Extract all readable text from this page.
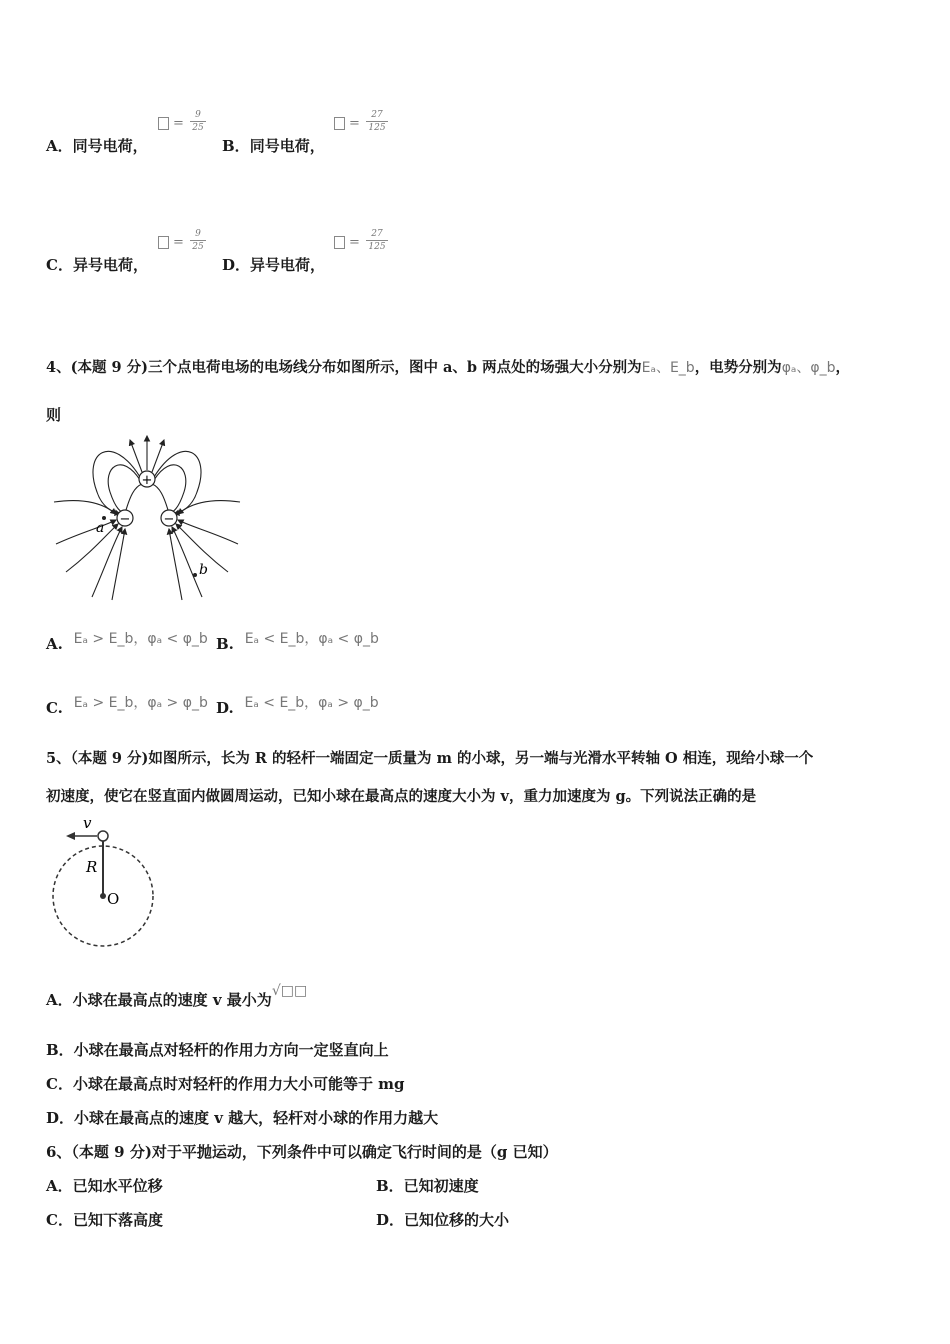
A．同号电荷，
=
9
25
B．同号电荷，
=
27
125
C．异号电荷，
=
9
25
D．异号电荷，
=
27
125
4、(本题 9 分)三个点电荷电场的电场线分布如图所示，图中 a、b 两点处的场强大小分别为Eₐ、E_b，电势分别为φₐ、φ_b，
则
+
−	−
a
b
A. Eₐ > E_b，φₐ < φ_b B. Eₐ < E_b，φₐ < φ_b
C. Eₐ > E_b，φₐ > φ_b D. Eₐ < E_b，φₐ > φ_b
5、（本题 9 分)如图所示，长为 R 的轻杆一端固定一质量为 m 的小球，另一端与光滑水平转轴 O 相连，现给小球一个
初速度，使它在竖直面内做圆周运动，已知小球在最高点的速度大小为 v，重力加速度为 g。下列说法正确的是
v
R
O
A．小球在最高点的速度 v 最小为√□□
B．小球在最高点对轻杆的作用力方向一定竖直向上
C．小球在最高点时对轻杆的作用力大小可能等于 mg
D．小球在最高点的速度 v 越大，轻杆对小球的作用力越大
6、（本题 9 分)对于平抛运动，下列条件中可以确定飞行时间的是（g 已知）
A．已知水平位移	B．已知初速度
C．已知下落高度	D．已知位移的大小
